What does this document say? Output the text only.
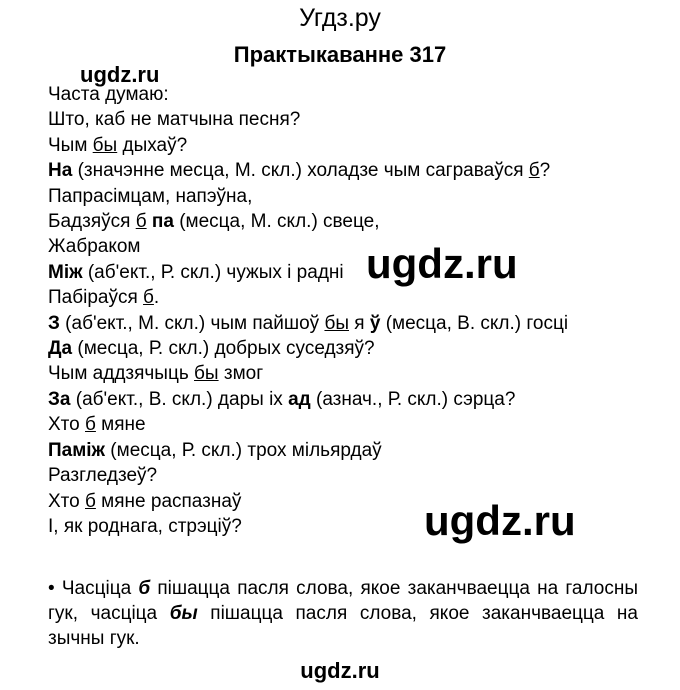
Угдз.ру
Практыкаванне 317
ugdz.ru
ugdz.ru
ugdz.ru
Часта думаю:
Што, каб не матчына песня?
Чым бы дыхаў?
На (значэнне месца, М. скл.) холадзе чым саграваўся б?
Папрасімцам, напэўна,
Бадзяўся б па (месца, М. скл.) свеце,
Жабраком
Між (аб'ект., Р. скл.) чужых і радні
Пабіраўся б.
З (аб'ект., М. скл.) чым пайшоў бы я ў (месца, В. скл.) госці
Да (месца, Р. скл.) добрых суседзяў?
Чым аддзячыць бы змог
За (аб'ект., В. скл.) дары іх ад (азнач., Р. скл.) сэрца?
Хто б мяне
Паміж (месца, Р. скл.) трох мільярдаў
Разгледзеў?
Хто б мяне распазнаў
І, як роднага, стрэціў?
• Часціца б пішацца пасля слова, якое заканчваецца на галосны гук, часціца бы пішацца пасля слова, якое заканчваецца на зычны гук.
ugdz.ru
